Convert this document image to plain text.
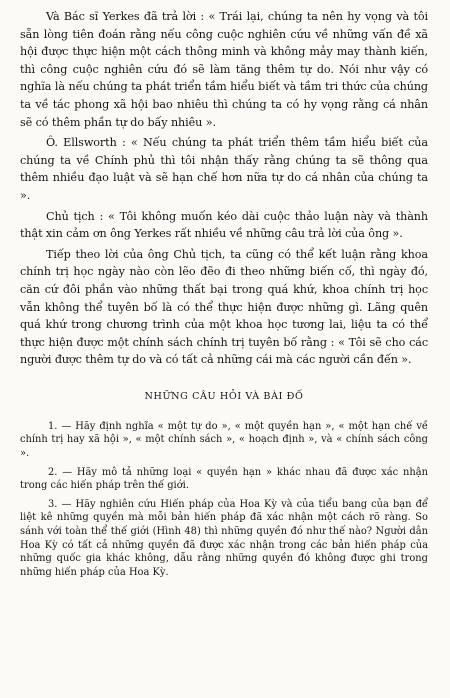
Và Bác sĩ Yerkes đã trả lời : « Trái lại, chúng ta nên hy vọng và tôi sẵn lòng tiên đoán rằng nếu công cuộc nghiên cứu về những vấn đề xã hội được thực hiện một cách thông minh và không mảy may thành kiến, thì công cuộc nghiên cứu đó sẽ làm tăng thêm tự do. Nói như vậy có nghĩa là nếu chúng ta phát triển tầm hiểu biết và tầm tri thức của chúng ta về tác phong xã hội bao nhiêu thì chúng ta có hy vọng rằng cá nhân sẽ có thêm phần tự do bấy nhiêu ».

Ô. Ellsworth : « Nếu chúng ta phát triển thêm tầm hiểu biết của chúng ta về Chính phủ thì tôi nhận thấy rằng chúng ta sẽ thông qua thêm nhiều đạo luật và sẽ hạn chế hơn nữa tự do cá nhân của chúng ta ».

Chủ tịch : « Tôi không muốn kéo dài cuộc thảo luận này và thành thật xin cảm ơn ông Yerkes rất nhiều về những câu trả lời của ông ».

Tiếp theo lời của ông Chủ tịch, ta cũng có thể kết luận rằng khoa chính trị học ngày nào còn lẽo đẽo đi theo những biến cố, thì ngày đó, căn cứ đôi phần vào những thất bại trong quá khứ, khoa chính trị học vẫn không thể tuyên bố là có thể thực hiện được những gì. Lãng quên quá khứ trong chương trình của một khoa học tương lai, liệu ta có thể thực hiện được một chính sách chính trị tuyên bố rằng : « Tôi sẽ cho các người được thêm tự do và có tất cả những cái mà các người cần đến ».

NHỮNG CÂU HỎI VÀ BÀI ĐỐ

1. — Hãy định nghĩa « một tự do », « một quyền hạn », « một hạn chế về chính trị hay xã hội », « một chính sách », « hoạch định », và « chính sách công ».

2. — Hãy mô tả những loại « quyền hạn » khác nhau đã được xác nhận trong các hiến pháp trên thế giới.

3. — Hãy nghiên cứu Hiến pháp của Hoa Kỳ và của tiểu bang của bạn để liệt kê những quyền mà mỗi bản hiến pháp đã xác nhận một cách rõ ràng. So sánh với toàn thể thế giới (Hình 48) thì những quyền đó như thế nào? Người dân Hoa Kỳ có tất cả những quyền đã được xác nhận trong các bản hiến pháp của những quốc gia khác không, dẫu rằng những quyền đó không được ghi trong những hiến pháp của Hoa Kỳ.
